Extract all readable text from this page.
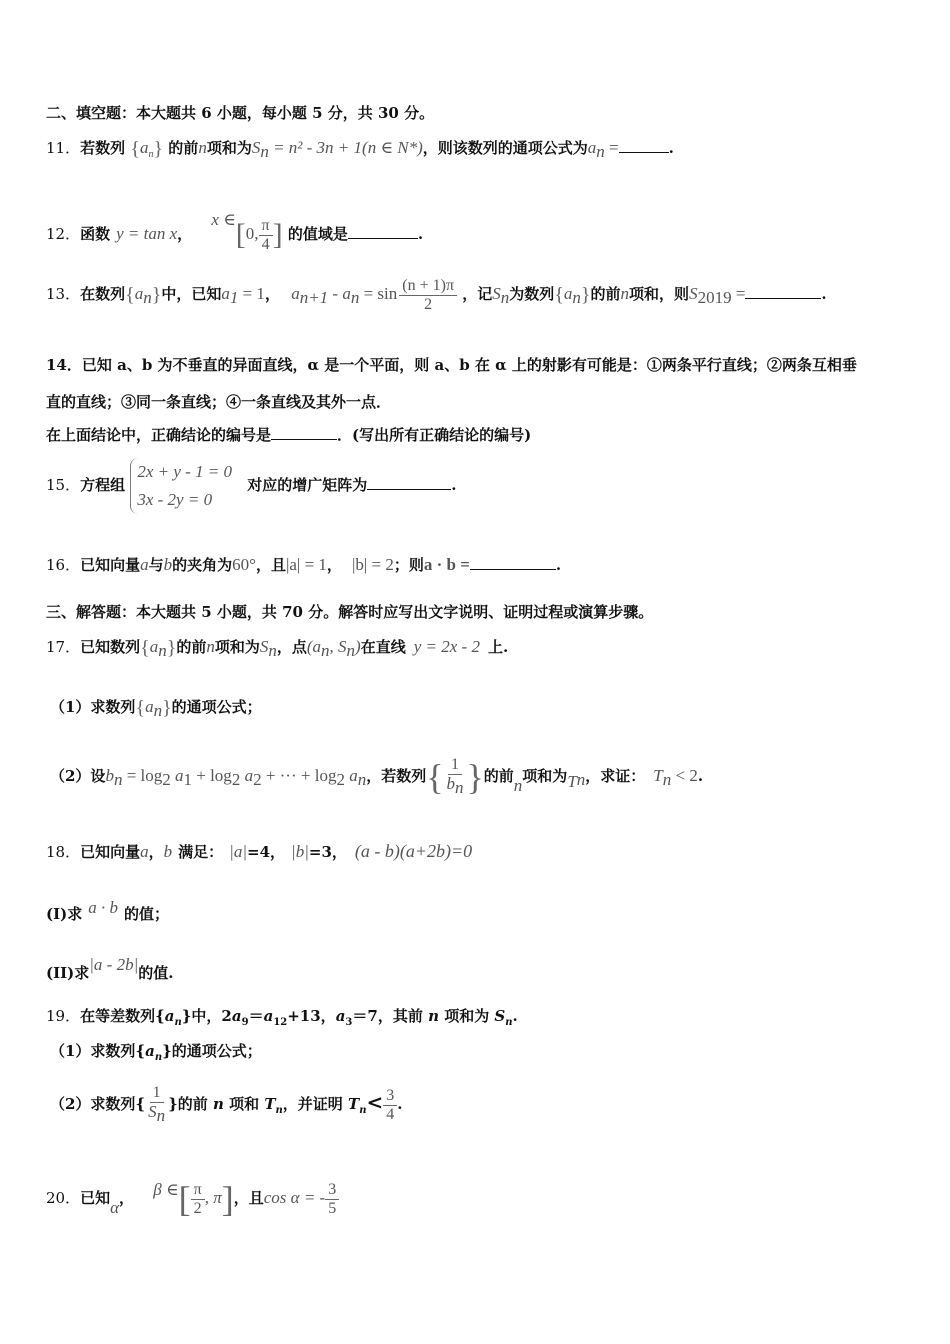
二、填空题：本大题共 6 小题，每小题 5 分，共 30 分。
11．若数列 $\{a_n\}$ 的前n项和为$S_n = n^2 - 3n + 1(n$ ∈ N*)，则该数列的通项公式为$a_n$ =	.
12．函数 y = tan x， x ∈[0, $\frac{\pi}{4}$ ] 的值域是	.
13．在数列$\{a_n\}$中，已知$a_1 = 1$， $a_{n+1} - a_n = \sin \frac{(n + 1)\pi}{2}$ ，记$S_n$为数列$\{a_n\}$的前n项和，则$S_{2019}$ =	.
14．已知 a、b 为不垂直的异面直线，α 是一个平面，则 a、b 在 α 上的射影有可能是：①两条平行直线；②两条互相垂
直的直线；③同一条直线；④一条直线及其外一点．
在上面结论中，正确结论的编号是	．(写出所有正确结论的编号)
15．方程组
2x + y - 1 = 0
3x - 2y = 0
对应的增广矩阵为	.
16．已知向量a与b的夹角为60°，且|a| = 1， |b| = 2；则a · b =	.
三、解答题：本大题共 5 小题，共 70 分。解答时应写出文字说明、证明过程或演算步骤。
17．已知数列$\{a_n\}$的前n项和为$S_n$，点($a_n$, $S_n$)在直线 y = 2x - 2 上.
（1）求数列$\{a_n\}$的通项公式；
（2）设$b_n = \log_2 a_1 + \log_2 a_2$ + ··· + $\log_2 a_n$，若数列{ $\frac{1}{b_n}$ }的前n项和为$T_n$，求证： $T_n < 2$.
18．已知向量a，b 满足： |a|=4， |b|=3， (a - b)(a+2b)=0
(I)求 a · b 的值；
(II)求|a - 2b|的值.
19．在等差数列$\{a_n\}$中，$2a_9=a_{12}+13$，$a_3=7$，其前 n 项和为 $S_n$.
（1）求数列$\{a_n\}$的通项公式；
（2）求数列{ $\frac{1}{S_n}$ }的前 n 项和 $T_n$，并证明 $T_n< \frac{3}{4}$ .
20．已知α， β ∈[ $\frac{\pi}{2}$ , π]，且cos α = - $\frac{3}{5}$
